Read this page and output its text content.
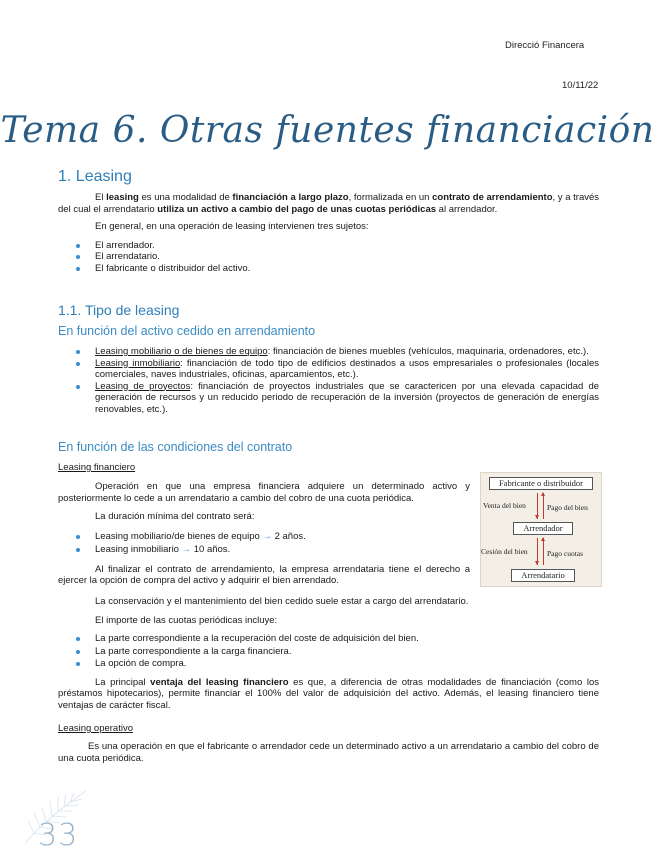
Direcció Financera
10/11/22
Tema 6. Otras fuentes financiación
1. Leasing

El leasing es una modalidad de financiación a largo plazo, formalizada en un contrato de arrendamiento, y a través del cual el arrendatario utiliza un activo a cambio del pago de unas cuotas periódicas al arrendador.

En general, en una operación de leasing intervienen tres sujetos:

El arrendador.
El arrendatario.
El fabricante o distribuidor del activo.
1.1. Tipo de leasing
En función del activo cedido en arrendamiento
Leasing mobiliario o de bienes de equipo: financiación de bienes muebles (vehículos, maquinaria, ordenadores, etc.).
Leasing inmobiliario: financiación de todo tipo de edificios destinados a usos empresariales o profesionales (locales comerciales, naves industriales, oficinas, aparcamientos, etc.).
Leasing de proyectos: financiación de proyectos industriales que se caractericen por una elevada capacidad de generación de recursos y un reducido periodo de recuperación de la inversión (proyectos de generación de energías renovables, etc.).
En función de las condiciones del contrato
Leasing financiero

Operación en que una empresa financiera adquiere un determinado activo y posteriormente lo cede a un arrendatario a cambio del cobro de una cuota periódica.

La duración mínima del contrato será:

Leasing mobiliario/de bienes de equipo → 2 años.
Leasing inmobiliario → 10 años.

Al finalizar el contrato de arrendamiento, la empresa arrendataria tiene el derecho a ejercer la opción de compra del activo y adquirir el bien arrendado.

Fabricante o distribuidor
Venta del bien	Pago del bien
Arrendador
Cesión del bien	Pago cuotas
Arrendatario

La conservación y el mantenimiento del bien cedido suele estar a cargo del arrendatario.

El importe de las cuotas periódicas incluye:

La parte correspondiente a la recuperación del coste de adquisición del bien.
La parte correspondiente a la carga financiera.
La opción de compra.

La principal ventaja del leasing financiero es que, a diferencia de otras modalidades de financiación (como los préstamos hipotecarios), permite financiar el 100% del valor de adquisición del activo. Además, el leasing financiero tiene ventajas de carácter fiscal.

Leasing operativo

Es una operación en que el fabricante o arrendador cede un determinado activo a un arrendatario a cambio del cobro de una cuota periódica.

33
